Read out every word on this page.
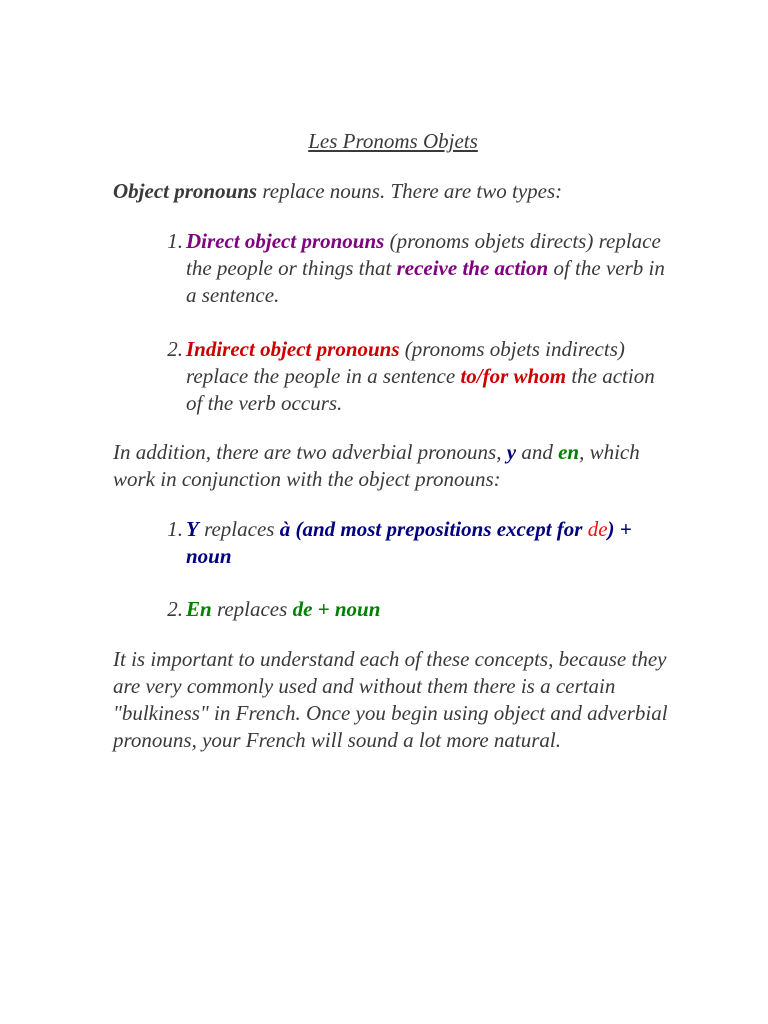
Les Pronoms Objets

Object pronouns replace nouns. There are two types:

1. Direct object pronouns (pronoms objets directs) replace the people or things that receive the action of the verb in a sentence.
2. Indirect object pronouns (pronoms objets indirects) replace the people in a sentence to/for whom the action of the verb occurs.

In addition, there are two adverbial pronouns, y and en, which work in conjunction with the object pronouns:

1. Y replaces à (and most prepositions except for de) + noun
2. En replaces de + noun

It is important to understand each of these concepts, because they are very commonly used and without them there is a certain "bulkiness" in French. Once you begin using object and adverbial pronouns, your French will sound a lot more natural.
